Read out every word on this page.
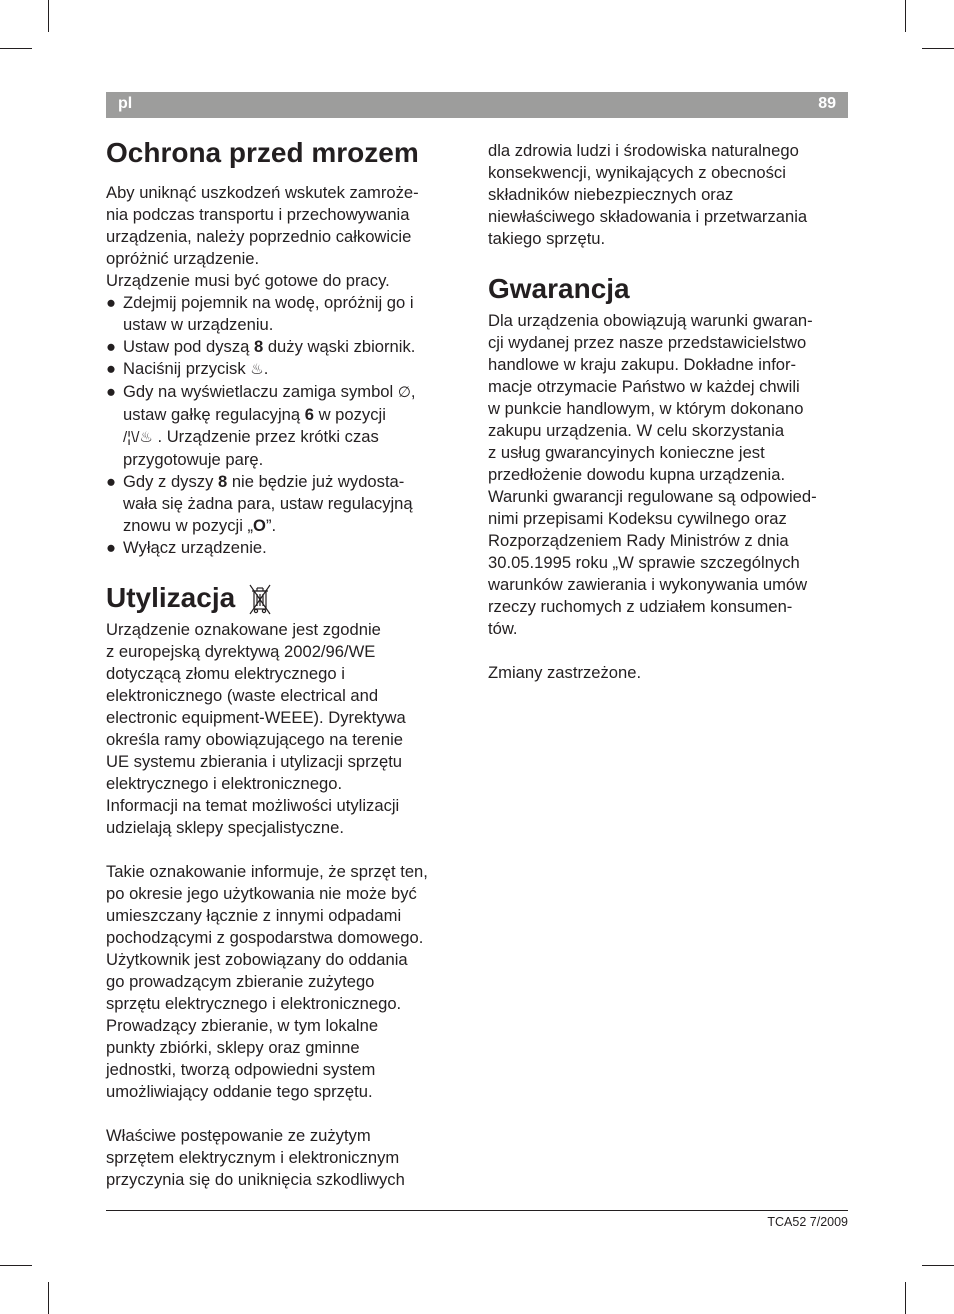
pl	89
Ochrona przed mrozem

Aby uniknąć uszkodzeń wskutek zamroże-
nia podczas transportu i przechowywania
urządzenia, należy poprzednio całkowicie
opróżnić urządzenie.
Urządzenie musi być gotowe do pracy.

● Zdejmij pojemnik na wodę, opróżnij go i
ustaw w urządzeniu.
● Ustaw pod dyszą 8 duży wąski zbiornik.
● Naciśnij przycisk ♨.
● Gdy na wyświetlaczu zamiga symbol ∅,
ustaw gałkę regulacyjną 6 w pozycji
/¦\/♨ . Urządzenie przez krótki czas
przygotowuje parę.
● Gdy z dyszy 8 nie będzie już wydosta-
wała się żadna para, ustaw regulacyjną
znowu w pozycji „O”.
● Wyłącz urządzenie.
Utylizacja

Urządzenie oznakowane jest zgodnie
z europejską dyrektywą 2002/96/WE
dotyczącą złomu elektrycznego i
elektronicznego (waste electrical and
electronic equipment-WEEE). Dyrektywa
określa ramy obowiązującego na terenie
UE systemu zbierania i utylizacji sprzętu
elektrycznego i elektronicznego.
Informacji na temat możliwości utylizacji
udzielają sklepy specjalistyczne.

Takie oznakowanie informuje, że sprzęt ten,
po okresie jego użytkowania nie może być
umieszczany łącznie z innymi odpadami
pochodzącymi z gospodarstwa domowego.
Użytkownik jest zobowiązany do oddania
go prowadzącym zbieranie zużytego
sprzętu elektrycznego i elektronicznego.
Prowadzący zbieranie, w tym lokalne
punkty zbiórki, sklepy oraz gminne
jednostki, tworzą odpowiedni system
umożliwiający oddanie tego sprzętu.

Właściwe postępowanie ze zużytym
sprzętem elektrycznym i elektronicznym
przyczynia się do uniknięcia szkodliwych

dla zdrowia ludzi i środowiska naturalnego
konsekwencji, wynikających z obecności
składników niebezpiecznych oraz
niewłaściwego składowania i przetwarzania
takiego sprzętu.

Gwarancja

Dla urządzenia obowiązują warunki gwaran-
cji wydanej przez nasze przedstawicielstwo
handlowe w kraju zakupu. Dokładne infor-
macje otrzymacie Państwo w każdej chwili
w punkcie handlowym, w którym dokonano
zakupu urządzenia. W celu skorzystania
z usług gwarancyinych konieczne jest
przedłożenie dowodu kupna urządzenia.
Warunki gwarancji regulowane są odpowied-
nimi przepisami Kodeksu cywilnego oraz
Rozporządzeniem Rady Ministrów z dnia
30.05.1995 roku „W sprawie szczególnych
warunków zawierania i wykonywania umów
rzeczy ruchomych z udziałem konsumen-
tów.

Zmiany zastrzeżone.

TCA52 7/2009
